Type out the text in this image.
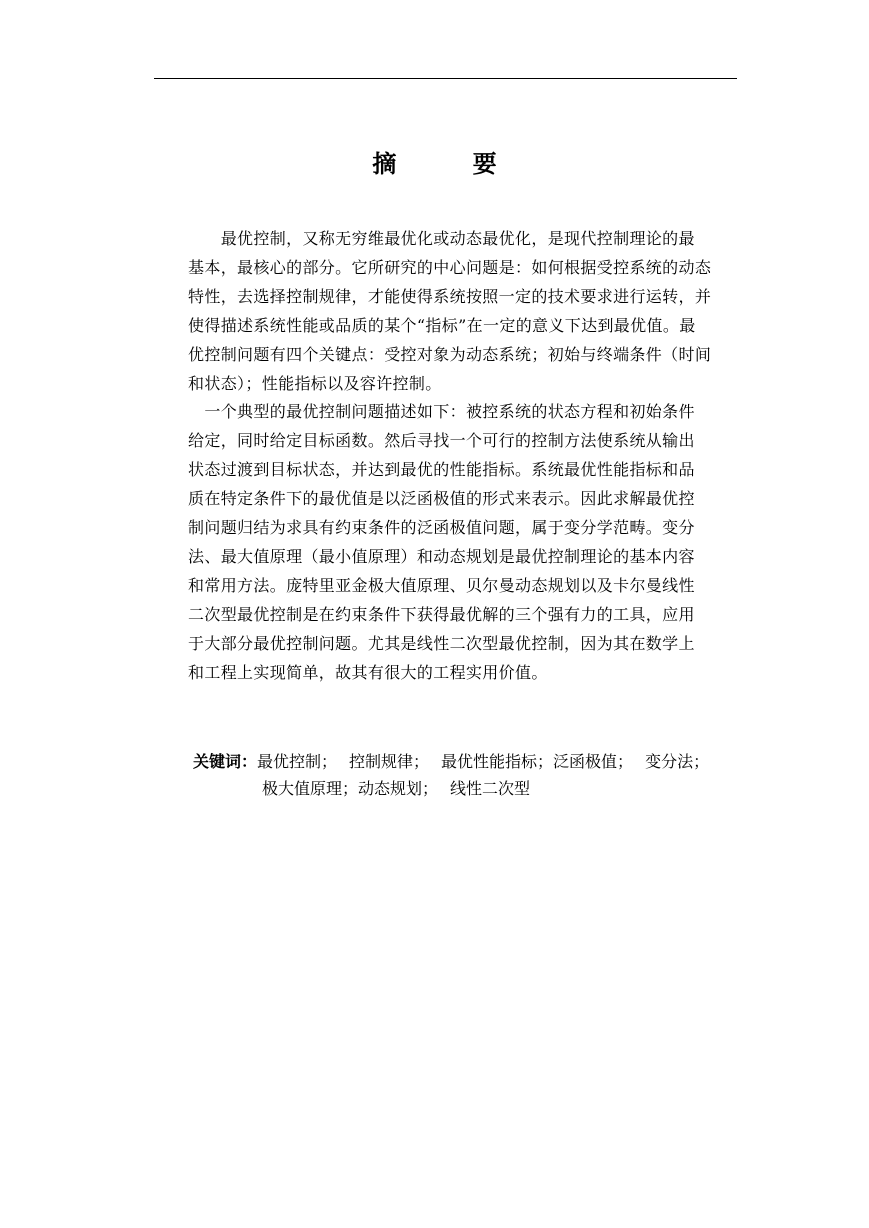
摘 要
　　最优控制，又称无穷维最优化或动态最优化，是现代控制理论的最
基本，最核心的部分。它所研究的中心问题是：如何根据受控系统的动态
特性，去选择控制规律，才能使得系统按照一定的技术要求进行运转，并
使得描述系统性能或品质的某个“指标”在一定的意义下达到最优值。最
优控制问题有四个关键点：受控对象为动态系统；初始与终端条件（时间
和状态）；性能指标以及容许控制。
　一个典型的最优控制问题描述如下：被控系统的状态方程和初始条件
给定，同时给定目标函数。然后寻找一个可行的控制方法使系统从输出
状态过渡到目标状态，并达到最优的性能指标。系统最优性能指标和品
质在特定条件下的最优值是以泛函极值的形式来表示。因此求解最优控
制问题归结为求具有约束条件的泛函极值问题，属于变分学范畴。变分
法、最大值原理（最小值原理）和动态规划是最优控制理论的基本内容
和常用方法。庞特里亚金极大值原理、贝尔曼动态规划以及卡尔曼线性
二次型最优控制是在约束条件下获得最优解的三个强有力的工具，应用
于大部分最优控制问题。尤其是线性二次型最优控制，因为其在数学上
和工程上实现简单，故其有很大的工程实用价值。
关键词：最优控制； 控制规律； 最优性能指标；泛函极值； 变分法；
极大值原理；动态规划； 线性二次型
